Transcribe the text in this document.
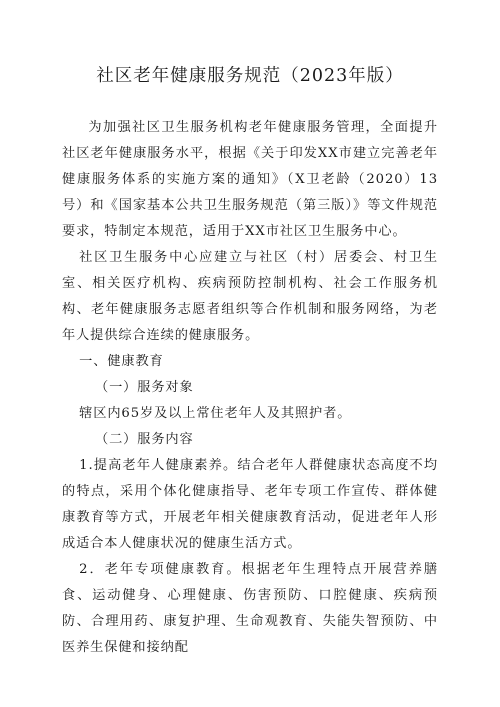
社区老年健康服务规范（2023年版）

为加强社区卫生服务机构老年健康服务管理，全面提升社区老年健康服务水平，根据《关于印发XX市建立完善老年健康服务体系的实施方案的通知》（X卫老龄（2020）13号）和《国家基本公共卫生服务规范（第三版）》等文件规范要求，特制定本规范，适用于XX市社区卫生服务中心。

社区卫生服务中心应建立与社区（村）居委会、村卫生室、相关医疗机构、疾病预防控制机构、社会工作服务机构、老年健康服务志愿者组织等合作机制和服务网络，为老年人提供综合连续的健康服务。

一、健康教育

（一）服务对象

辖区内65岁及以上常住老年人及其照护者。

（二）服务内容

1.提高老年人健康素养。结合老年人群健康状态高度不均的特点，采用个体化健康指导、老年专项工作宣传、群体健康教育等方式，开展老年相关健康教育活动，促进老年人形成适合本人健康状况的健康生活方式。

2．老年专项健康教育。根据老年生理特点开展营养膳食、运动健身、心理健康、伤害预防、口腔健康、疾病预防、合理用药、康复护理、生命观教育、失能失智预防、中医养生保健和接纳配
